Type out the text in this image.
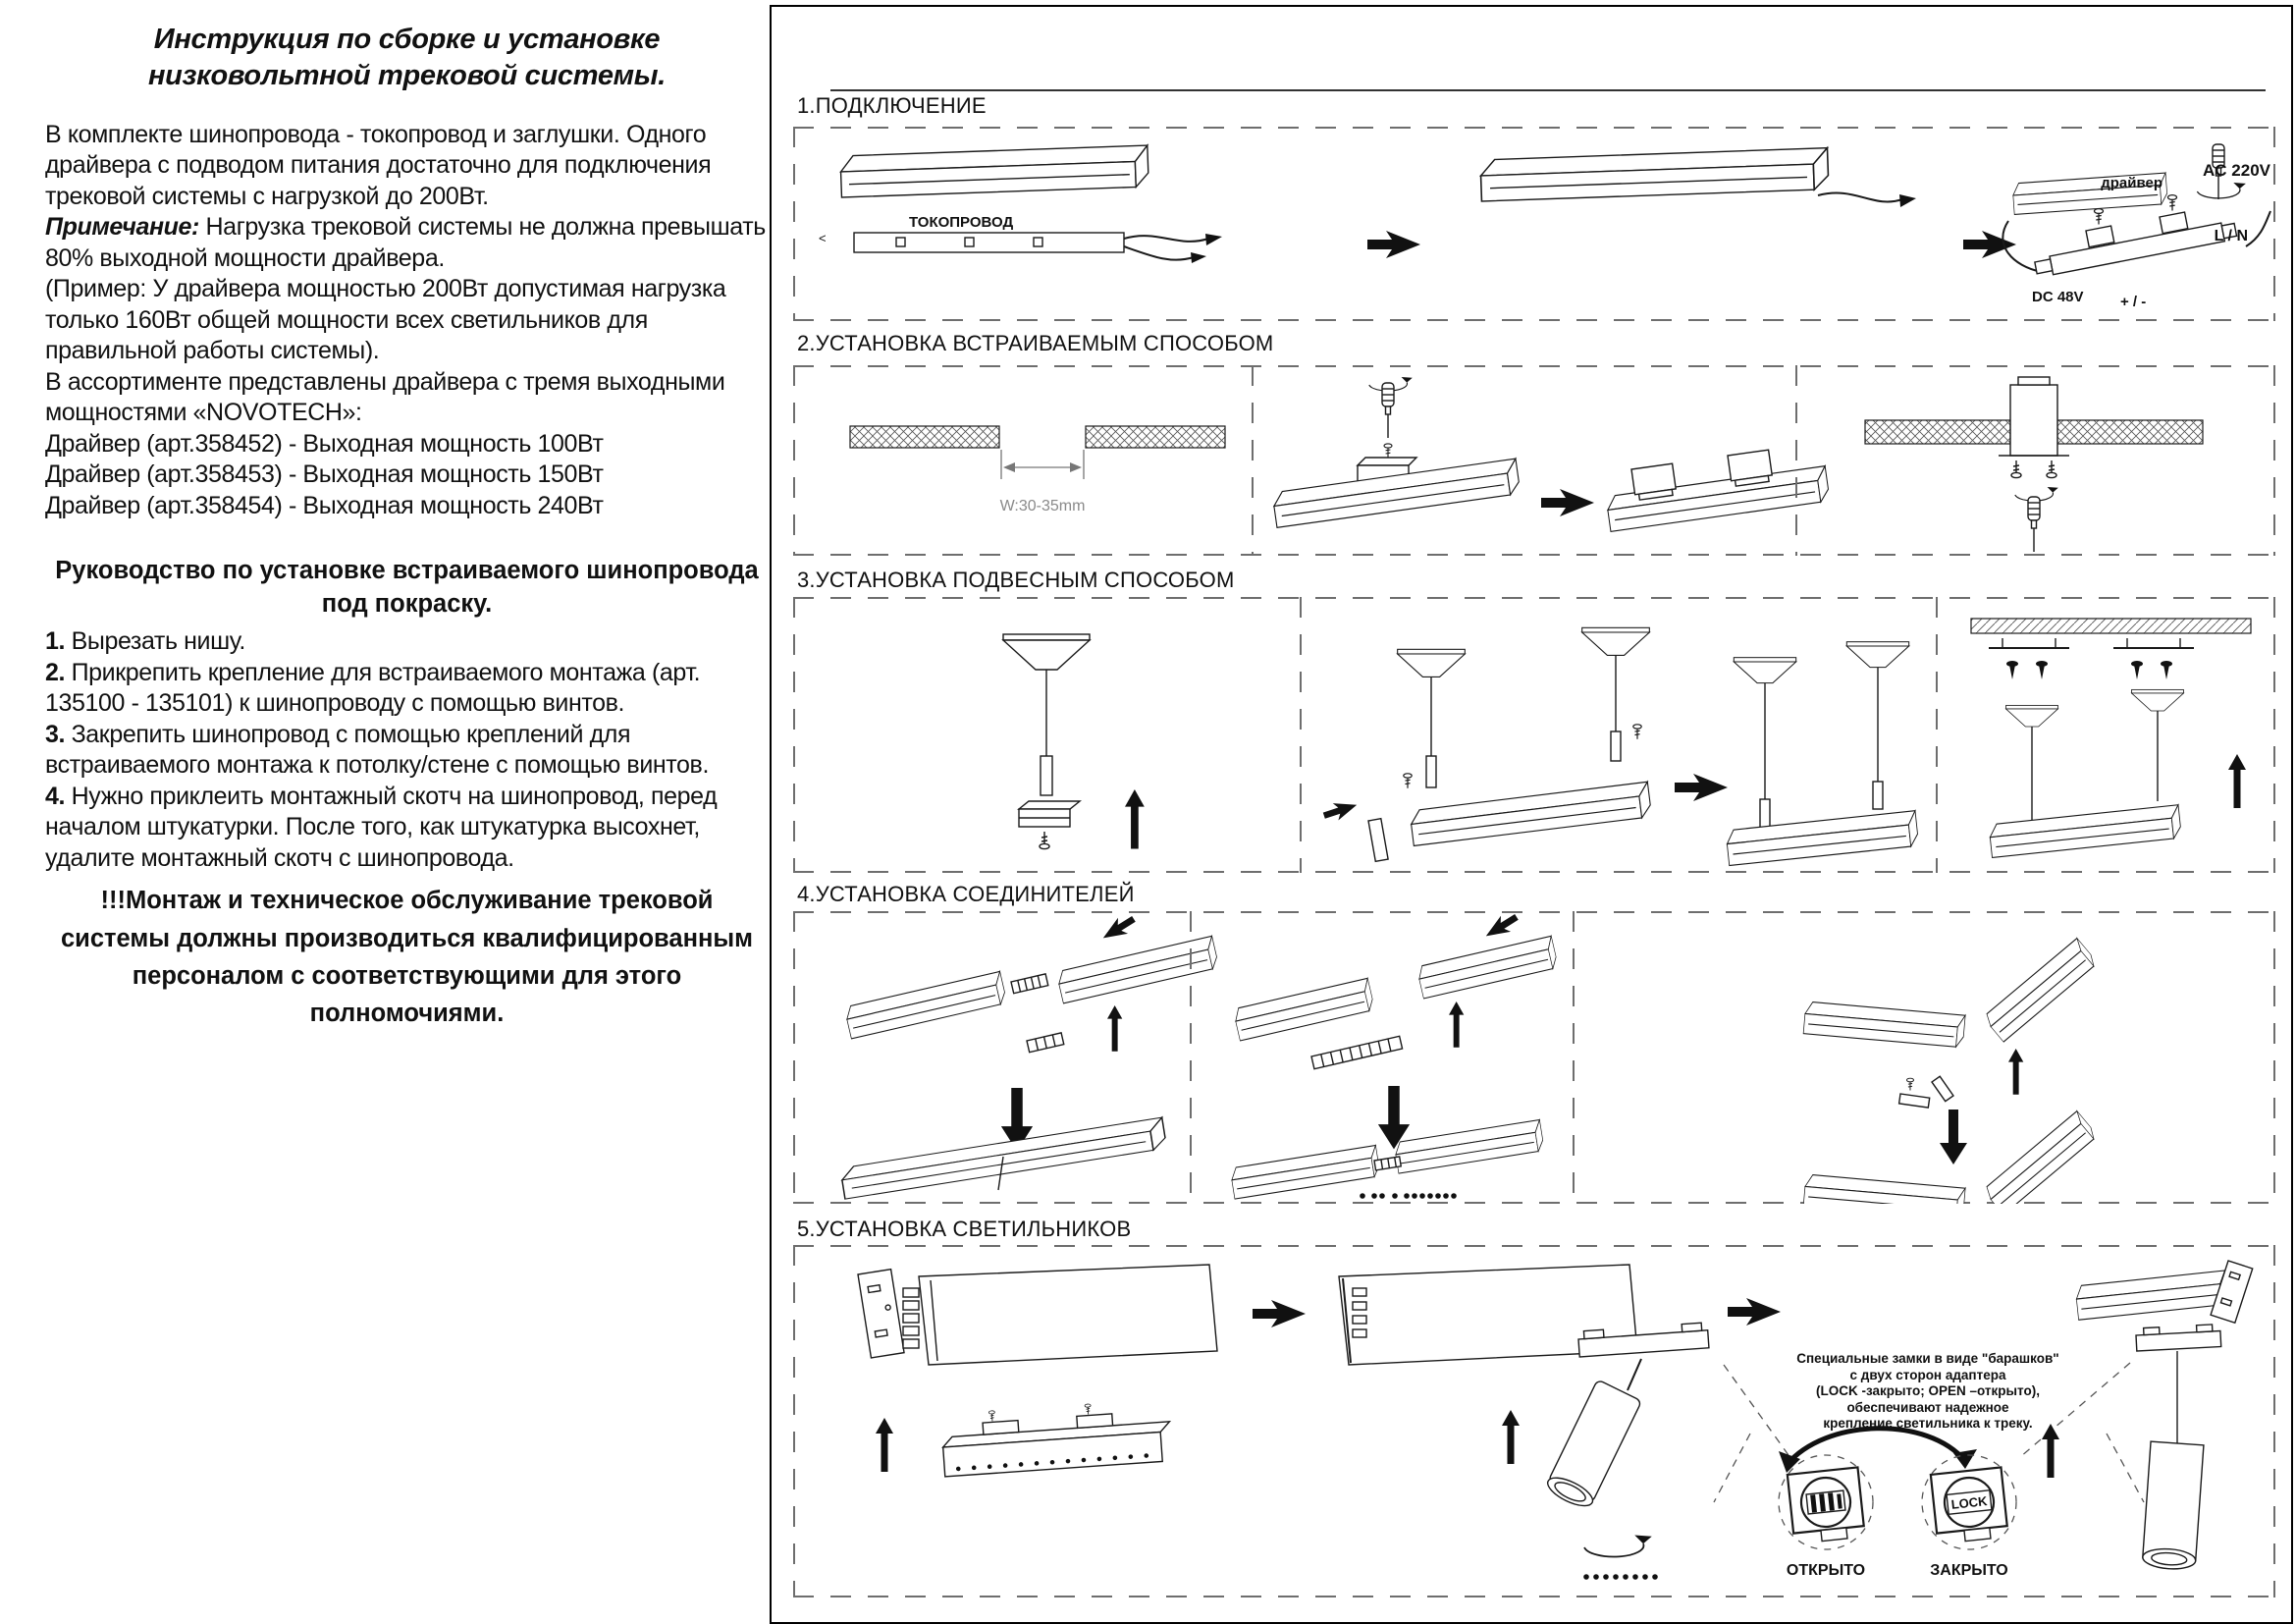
Инструкция по сборке и установке низковольтной трековой системы.

В комплекте шинопровода - токопровод и заглушки. Одного драйвера с подводом питания достаточно для подключения трековой системы с нагрузкой до 200Вт.

Примечание: Нагрузка трековой системы не должна превышать 80% выходной мощности драйвера.

(Пример: У драйвера мощностью 200Вт допустимая нагрузка только 160Вт общей мощности всех светильников для правильной работы системы).

В ассортименте представлены драйвера с тремя выходными мощностями «NOVOTECH»:

Драйвер (арт.358452) - Выходная мощность 100Вт

Драйвер (арт.358453) - Выходная мощность 150Вт

Драйвер (арт.358454) - Выходная мощность 240Вт

Руководство по установке встраиваемого шинопровода под покраску.

1. Вырезать нишу.

2. Прикрепить крепление для встраиваемого монтажа (арт. 135100 - 135101) к шинопроводу с помощью винтов.

3. Закрепить шинопровод с помощью креплений для встраиваемого монтажа к потолку/стене с помощью винтов.

4. Нужно приклеить монтажный скотч на шинопровод, перед началом штукатурки. После того, как штукатурка высохнет, удалите монтажный скотч с шинопровода.

!!!Монтаж и техническое обслуживание трековой системы должны производиться квалифицированным персоналом с соответствующими для этого полномочиями.
1.ПОДКЛЮЧЕНИЕ
<
ТОКОПРОВОД
драйвер
AC 220V
L / N
DC 48V + / -
2.УСТАНОВКА ВСТРАИВАЕМЫМ СПОСОБОМ
W:30-35mm
3.УСТАНОВКА ПОДВЕСНЫМ СПОСОБОМ
4.УСТАНОВКА СОЕДИНИТЕЛЕЙ
5.УСТАНОВКА СВЕТИЛЬНИКОВ
Специальные замки в виде "барашков"
с двух сторон адаптера
(LOCK -закрыто; OPEN –открыто),
обеспечивают надежное
крепление светильника к треку.
LOCK
ОТКРЫТО	ЗАКРЫТО
